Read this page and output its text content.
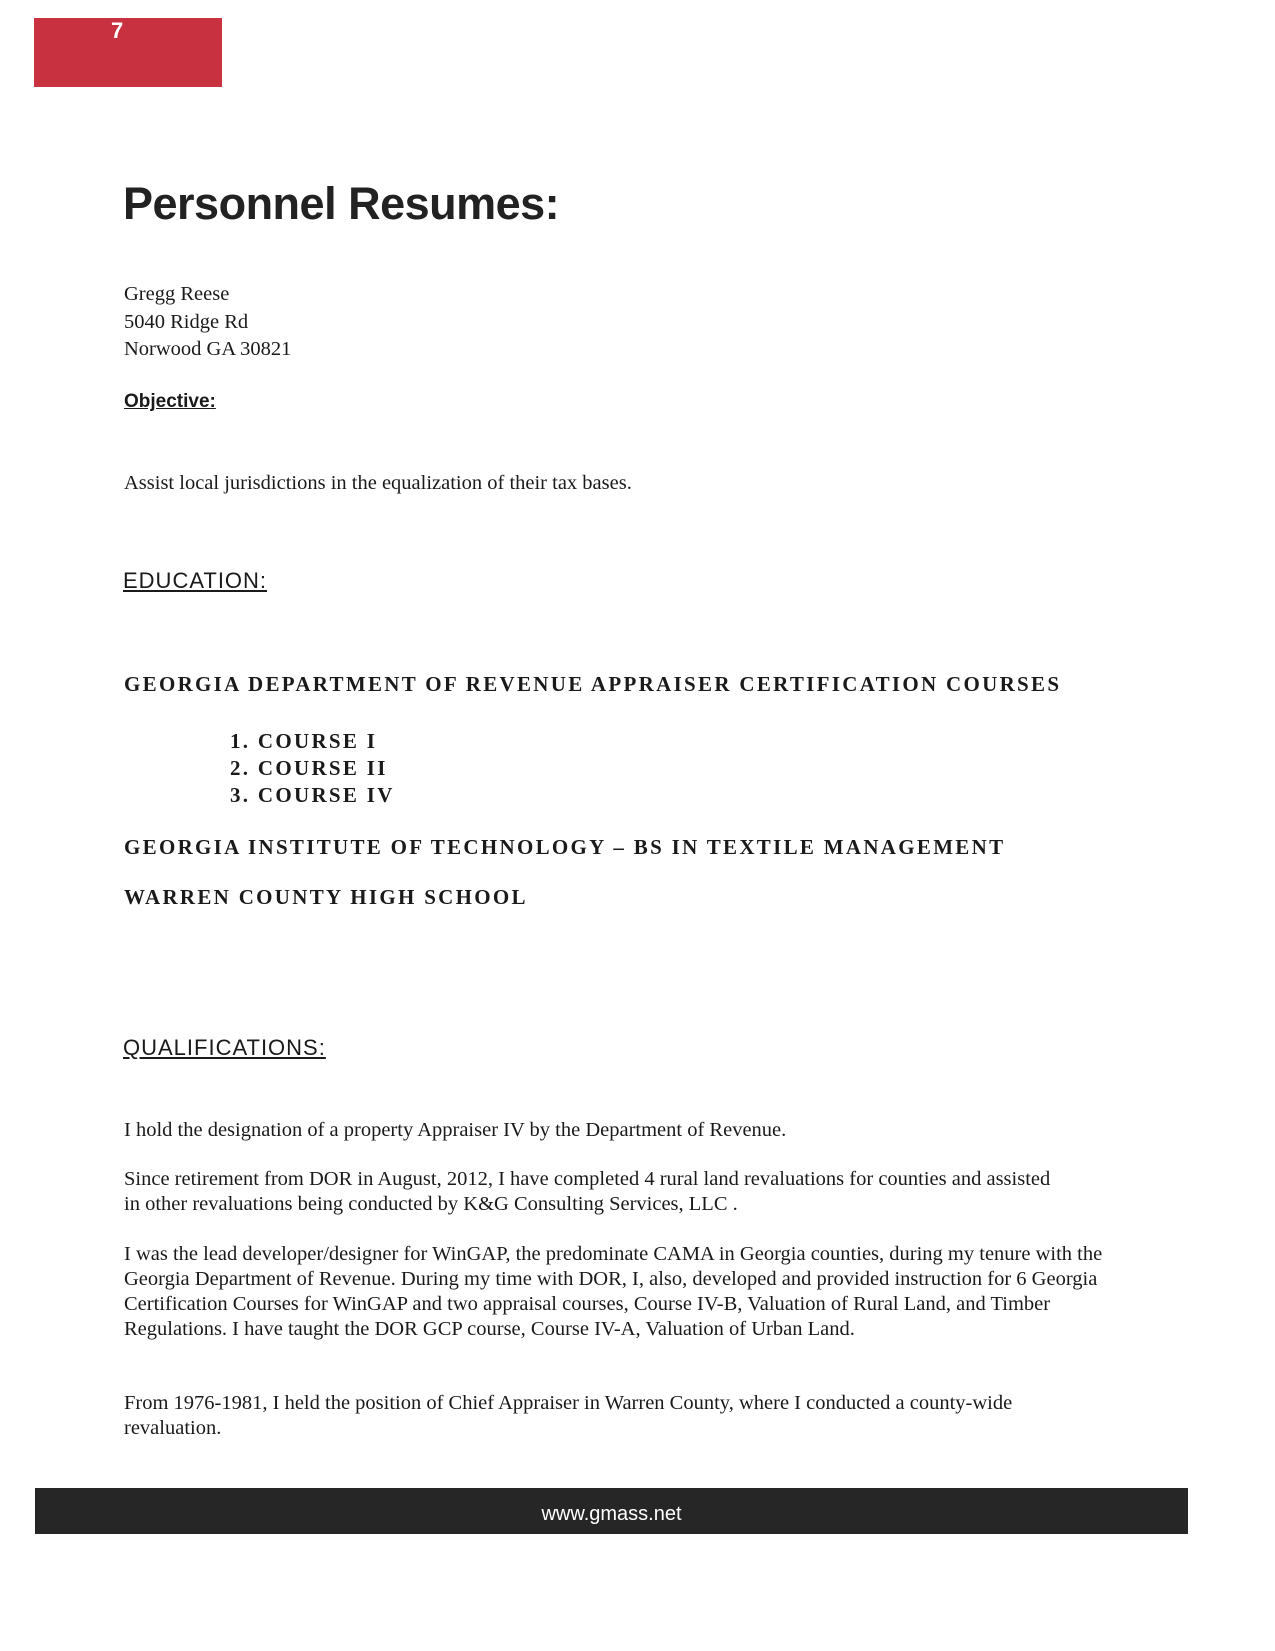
7
Personnel Resumes:
Gregg Reese
5040 Ridge Rd
Norwood GA 30821
Objective:
Assist local jurisdictions in the equalization of their tax bases.
EDUCATION:
GEORGIA DEPARTMENT OF REVENUE APPRAISER CERTIFICATION COURSES
1. COURSE I
2. COURSE II
3. COURSE IV
GEORGIA INSTITUTE OF TECHNOLOGY – BS IN TEXTILE MANAGEMENT
WARREN COUNTY HIGH SCHOOL
QUALIFICATIONS:
I hold the designation of a property Appraiser IV by the Department of Revenue.
Since retirement from DOR in August, 2012, I have completed 4 rural land revaluations for counties and assisted in other revaluations being conducted by K&G Consulting Services, LLC .
I was the lead developer/designer for WinGAP, the predominate CAMA in Georgia counties, during my tenure with the Georgia Department of Revenue. During my time with DOR, I, also, developed and provided instruction for 6 Georgia Certification Courses for WinGAP and two appraisal courses, Course IV-B, Valuation of Rural Land, and Timber Regulations. I have taught the DOR GCP course, Course IV-A, Valuation of Urban Land.
From 1976-1981, I held the position of Chief Appraiser in Warren County, where I conducted a county-wide revaluation.
www.gmass.net
